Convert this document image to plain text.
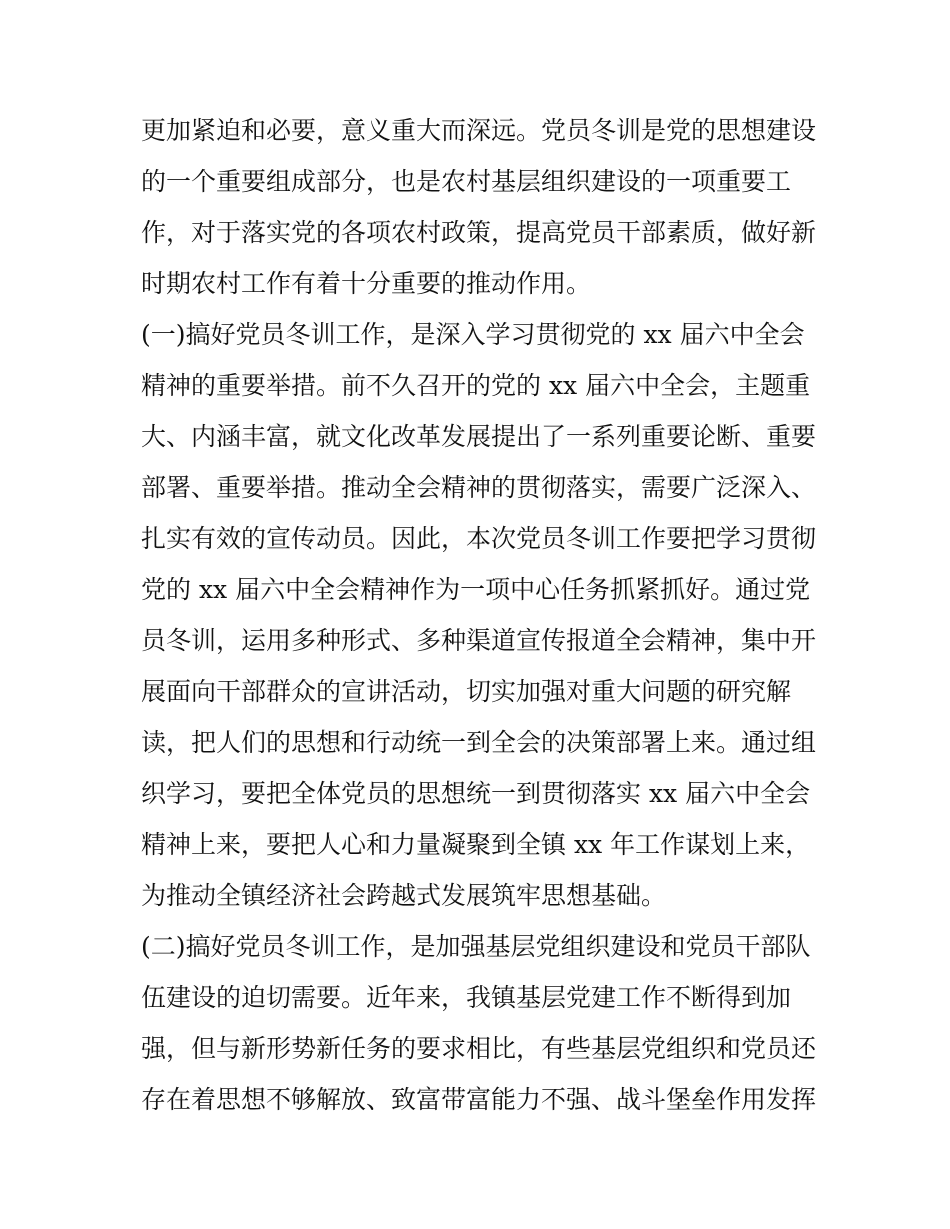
更加紧迫和必要，意义重大而深远。党员冬训是党的思想建设
的一个重要组成部分，也是农村基层组织建设的一项重要工
作，对于落实党的各项农村政策，提高党员干部素质，做好新
时期农村工作有着十分重要的推动作用。
(一)搞好党员冬训工作，是深入学习贯彻党的 xx 届六中全会
精神的重要举措。前不久召开的党的 xx 届六中全会，主题重
大、内涵丰富，就文化改革发展提出了一系列重要论断、重要
部署、重要举措。推动全会精神的贯彻落实，需要广泛深入、
扎实有效的宣传动员。因此，本次党员冬训工作要把学习贯彻
党的 xx 届六中全会精神作为一项中心任务抓紧抓好。通过党
员冬训，运用多种形式、多种渠道宣传报道全会精神，集中开
展面向干部群众的宣讲活动，切实加强对重大问题的研究解
读，把人们的思想和行动统一到全会的决策部署上来。通过组
织学习，要把全体党员的思想统一到贯彻落实 xx 届六中全会
精神上来，要把人心和力量凝聚到全镇 xx 年工作谋划上来，
为推动全镇经济社会跨越式发展筑牢思想基础。
(二)搞好党员冬训工作，是加强基层党组织建设和党员干部队
伍建设的迫切需要。近年来，我镇基层党建工作不断得到加
强，但与新形势新任务的要求相比，有些基层党组织和党员还
存在着思想不够解放、致富带富能力不强、战斗堡垒作用发挥
